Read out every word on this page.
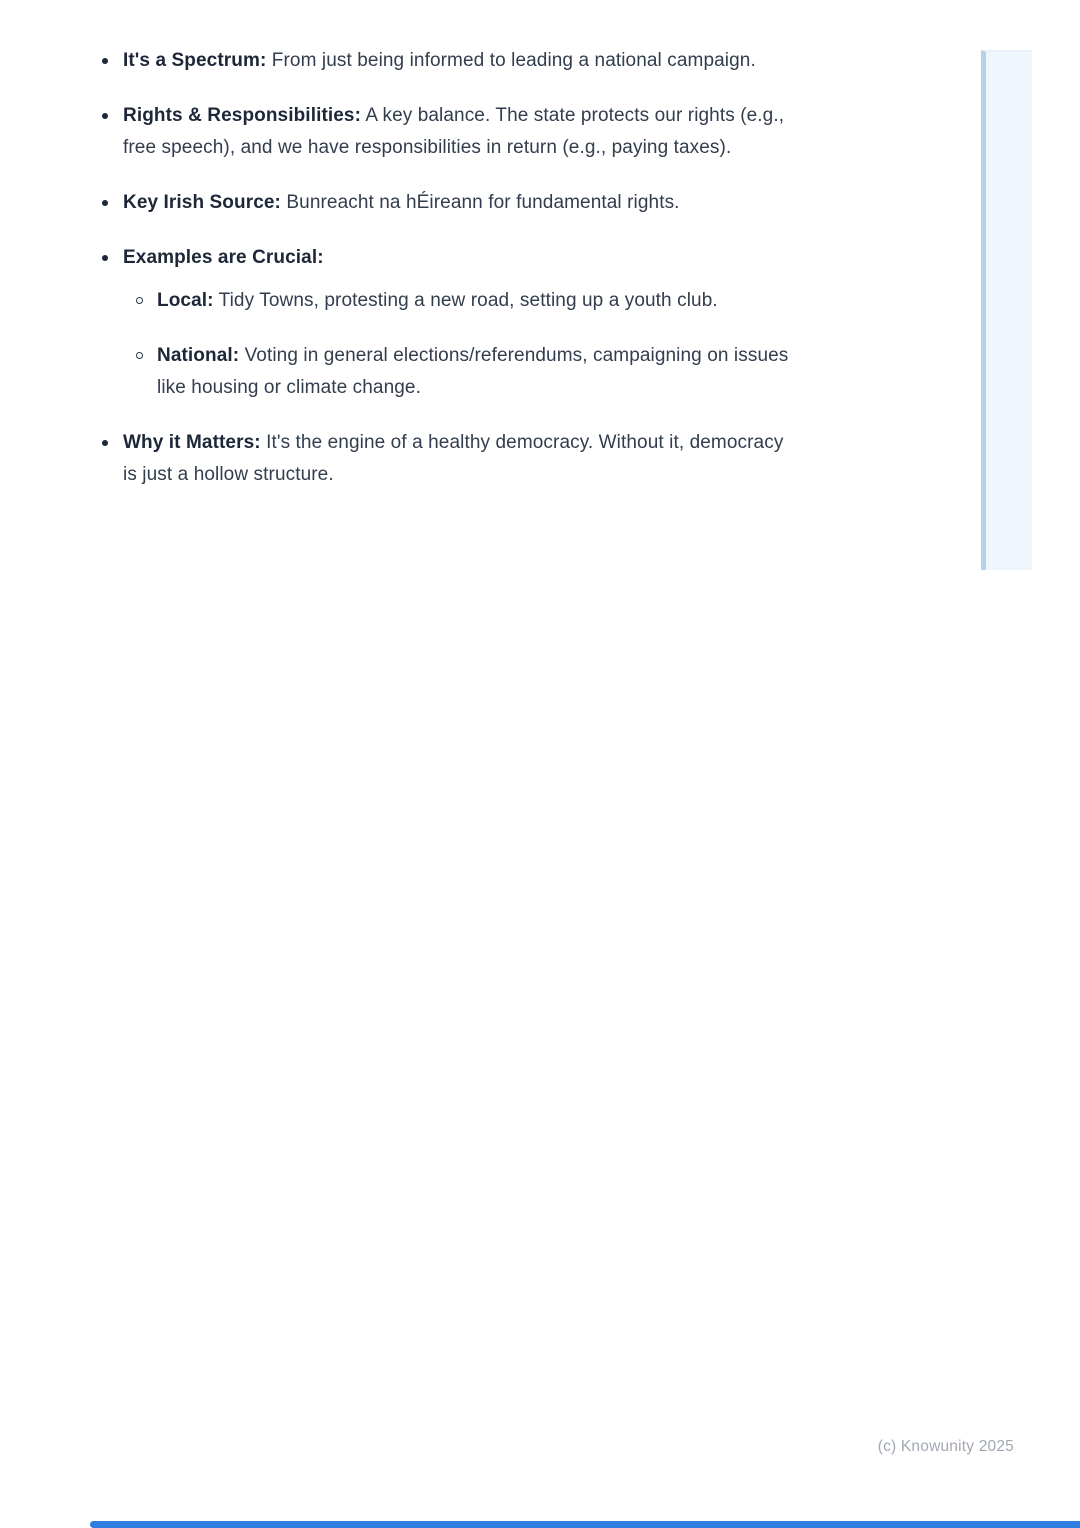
It's a Spectrum: From just being informed to leading a national campaign.
Rights & Responsibilities: A key balance. The state protects our rights (e.g., free speech), and we have responsibilities in return (e.g., paying taxes).
Key Irish Source: Bunreacht na hÉireann for fundamental rights.
Examples are Crucial:
Local: Tidy Towns, protesting a new road, setting up a youth club.
National: Voting in general elections/referendums, campaigning on issues like housing or climate change.
Why it Matters: It's the engine of a healthy democracy. Without it, democracy is just a hollow structure.
(c) Knowunity 2025
